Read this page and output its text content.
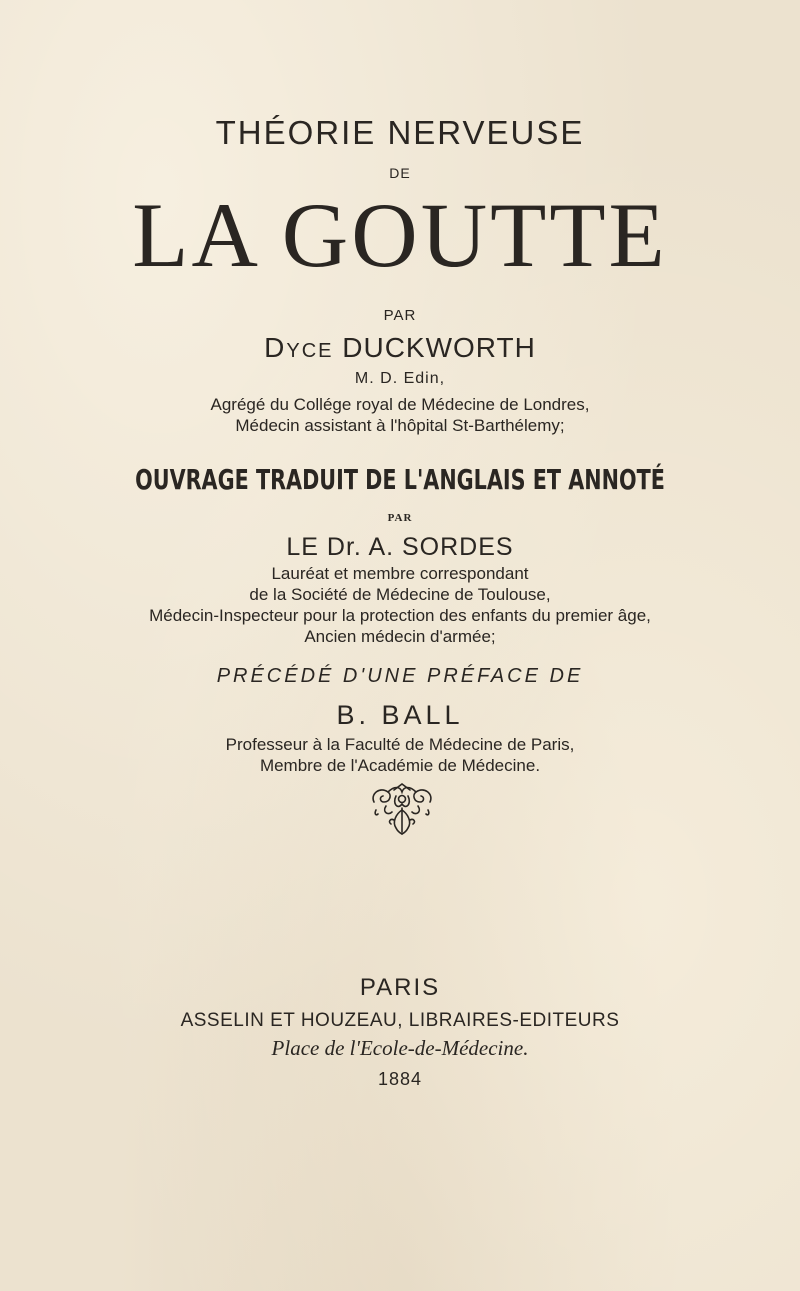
THÉORIE NERVEUSE
DE
LA GOUTTE
PAR
Dyce DUCKWORTH
M. D. Edin,
Agrégé du Collége royal de Médecine de Londres,
Médecin assistant à l'hôpital St-Barthélemy;
OUVRAGE TRADUIT DE L'ANGLAIS ET ANNOTÉ
PAR
LE Dr. A. SORDES
Lauréat et membre correspondant
de la Société de Médecine de Toulouse,
Médecin-Inspecteur pour la protection des enfants du premier âge,
Ancien médecin d'armée;
PRÉCÉDÉ D'UNE PRÉFACE DE
B. BALL
Professeur à la Faculté de Médecine de Paris,
Membre de l'Académie de Médecine.
PARIS
ASSELIN ET HOUZEAU, LIBRAIRES-EDITEURS
Place de l'Ecole-de-Médecine.
1884
